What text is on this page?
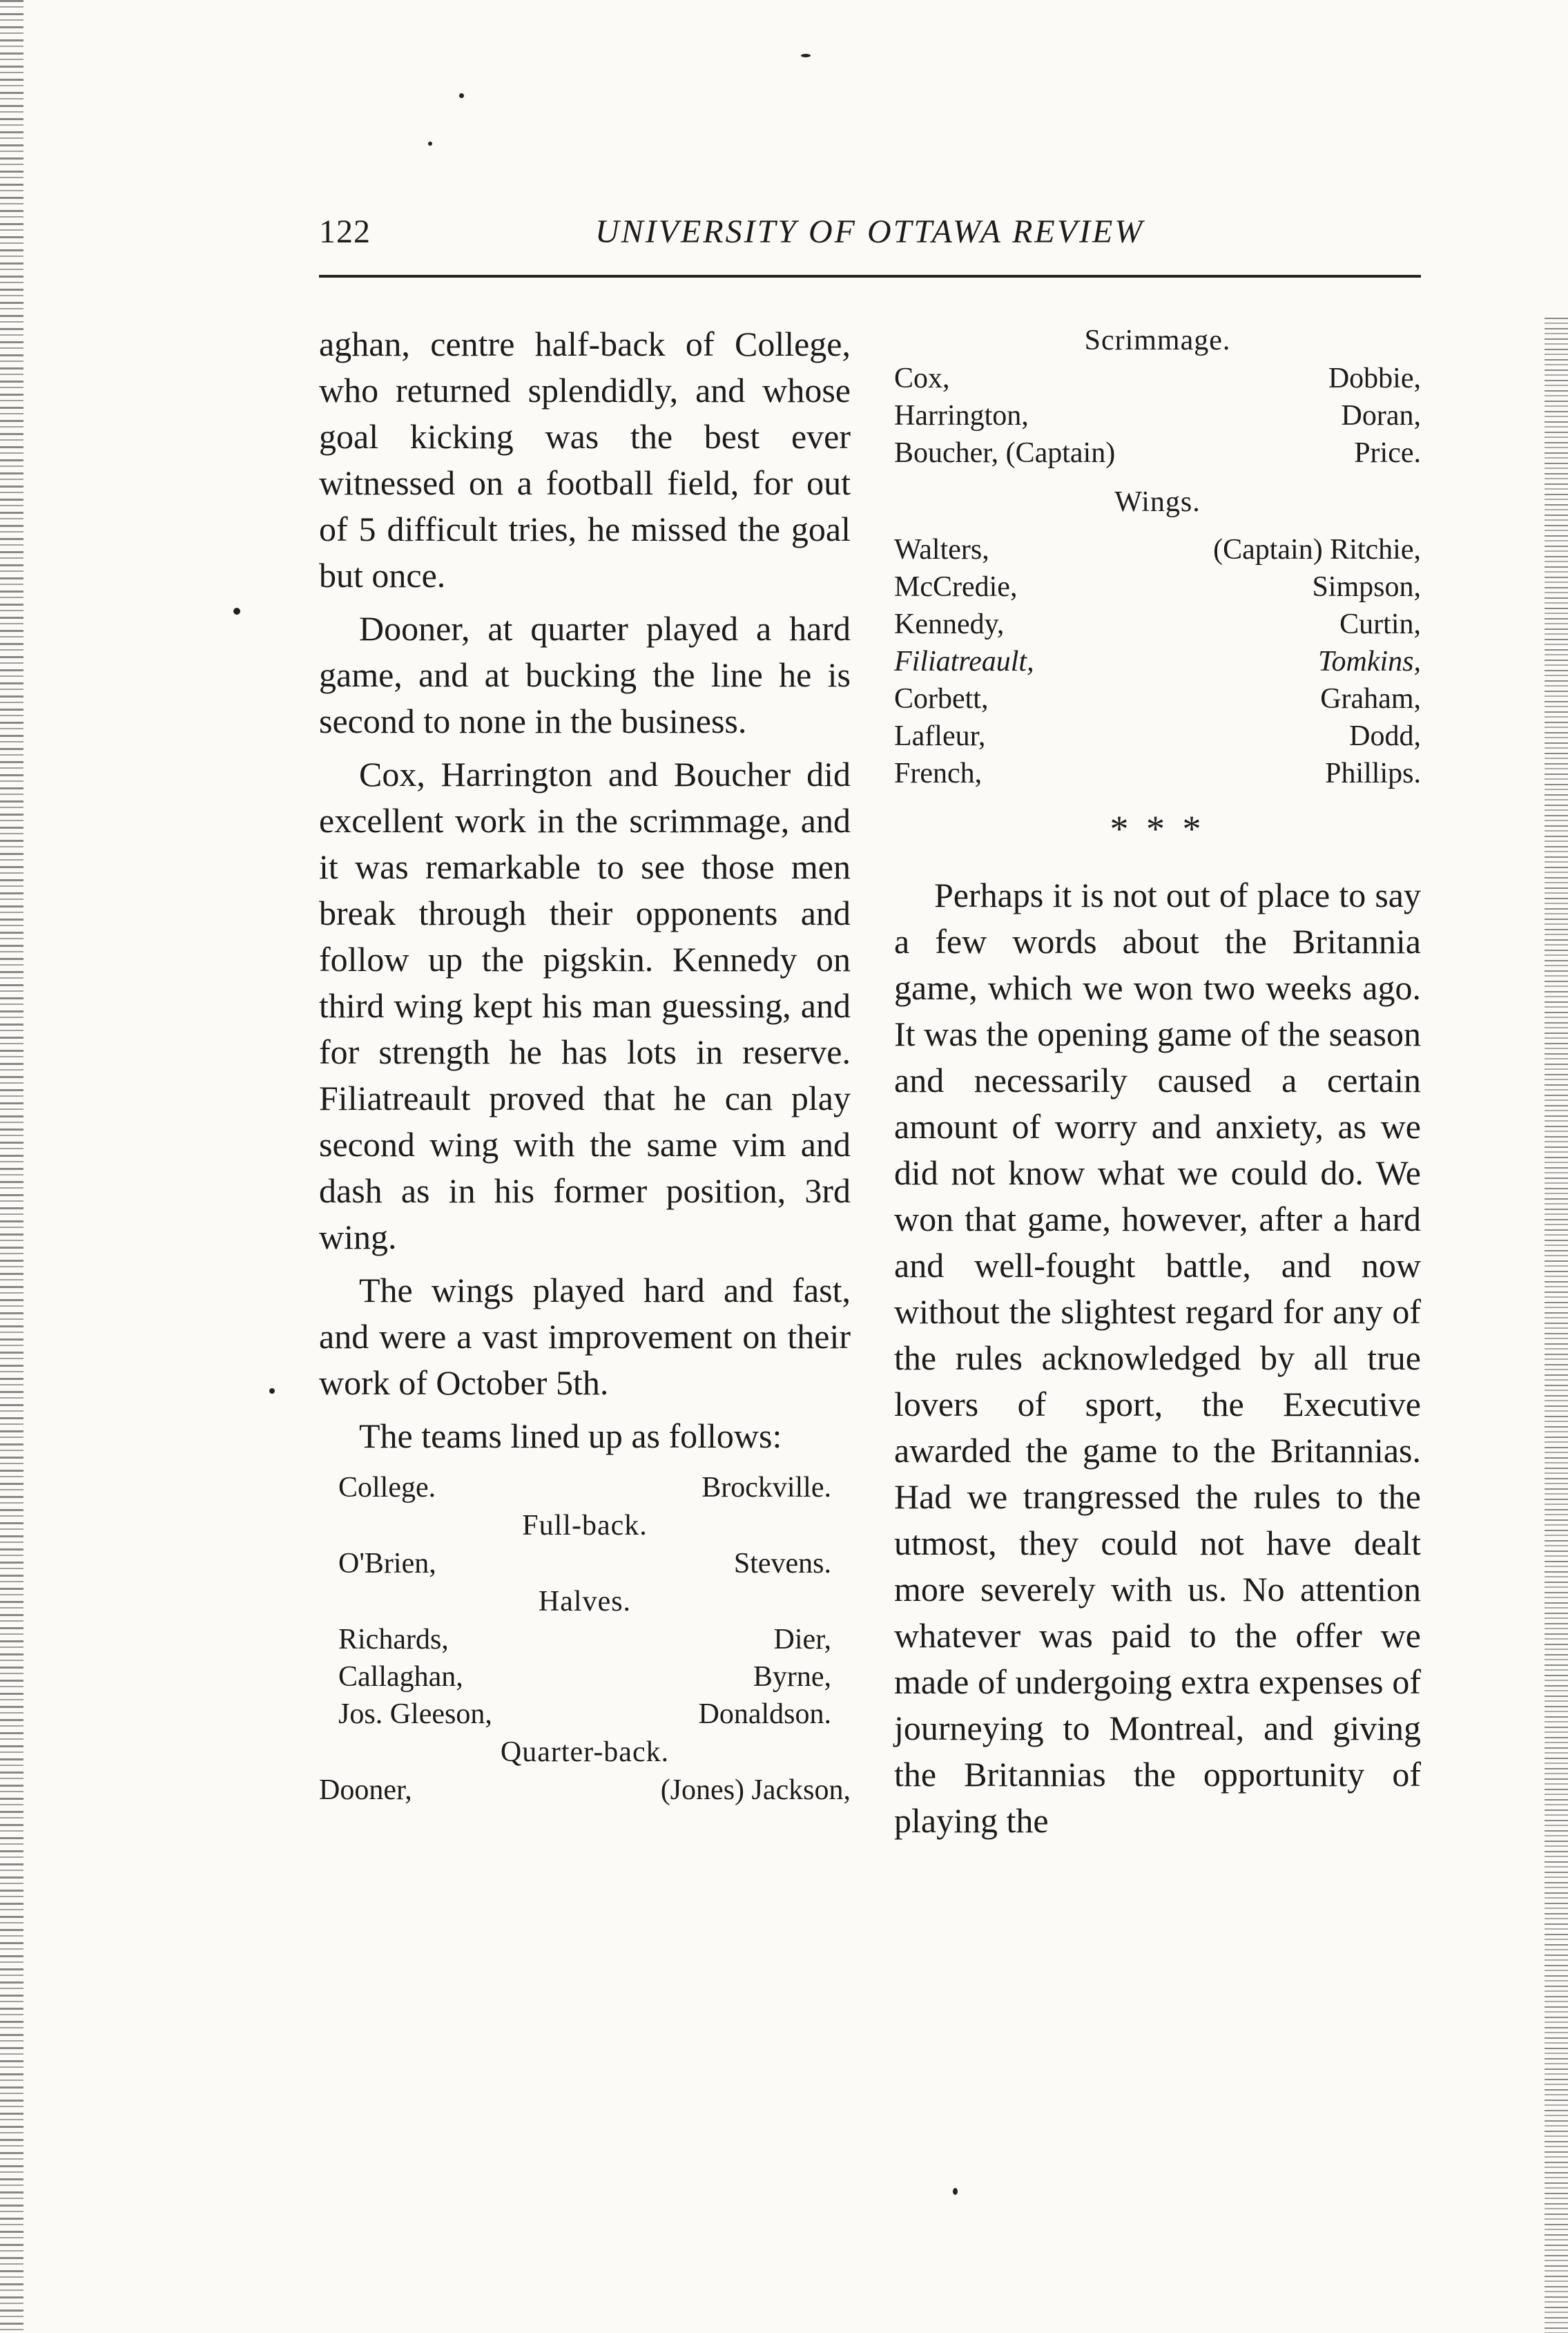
122	UNIVERSITY OF OTTAWA REVIEW

aghan, centre half-back of College, who returned splendidly, and whose goal kicking was the best ever witnessed on a football field, for out of 5 difficult tries, he missed the goal but once.

Dooner, at quarter played a hard game, and at bucking the line he is second to none in the business.

Cox, Harrington and Boucher did excellent work in the scrimmage, and it was remarkable to see those men break through their opponents and follow up the pigskin. Kennedy on third wing kept his man guessing, and for strength he has lots in reserve. Filiatreault proved that he can play second wing with the same vim and dash as in his former position, 3rd wing.

The wings played hard and fast, and were a vast improvement on their work of October 5th.

The teams lined up as follows:

College.	Brockville.
Full-back.
O'Brien,	Stevens.
Halves.
Richards,	Dier,
Callaghan,	Byrne,
Jos. Gleeson,	Donaldson.
Quarter-back.
Dooner,	(Jones) Jackson,
Scrimmage.
Cox,	Dobbie,
Harrington,	Doran,
Boucher, (Captain)	Price.
Wings.
Walters,	(Captain) Ritchie,
McCredie,	Simpson,
Kennedy,	Curtin,
Filiatreault,	Tomkins,
Corbett,	Graham,
Lafleur,	Dodd,
French,	Phillips.
* * *

Perhaps it is not out of place to say a few words about the Britannia game, which we won two weeks ago. It was the opening game of the season and necessarily caused a certain amount of worry and anxiety, as we did not know what we could do. We won that game, however, after a hard and well-fought battle, and now without the slightest regard for any of the rules acknowledged by all true lovers of sport, the Executive awarded the game to the Britannias. Had we trangressed the rules to the utmost, they could not have dealt more severely with us. No attention whatever was paid to the offer we made of undergoing extra expenses of journeying to Montreal, and giving the Britannias the opportunity of playing the
